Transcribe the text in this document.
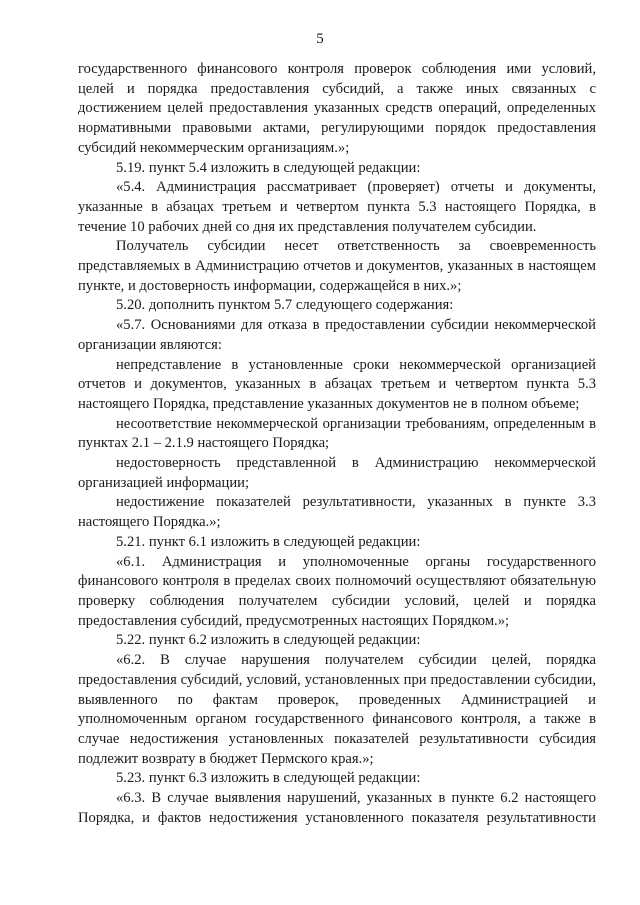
5

государственного финансового контроля проверок соблюдения ими условий, целей и порядка предоставления субсидий, а также иных связанных с достижением целей предоставления указанных средств операций, определенных нормативными правовыми актами, регулирующими порядок предоставления субсидий некоммерческим организациям.»;

5.19. пункт 5.4 изложить в следующей редакции:

«5.4. Администрация рассматривает (проверяет) отчеты и документы, указанные в абзацах третьем и четвертом пункта 5.3 настоящего Порядка, в течение 10 рабочих дней со дня их представления получателем субсидии.

Получатель субсидии несет ответственность за своевременность представляемых в Администрацию отчетов и документов, указанных в настоящем пункте, и достоверность информации, содержащейся в них.»;

5.20. дополнить пунктом 5.7 следующего содержания:

«5.7. Основаниями для отказа в предоставлении субсидии некоммерческой организации являются:

непредставление в установленные сроки некоммерческой организацией отчетов и документов, указанных в абзацах третьем и четвертом пункта 5.3 настоящего Порядка, представление указанных документов не в полном объеме;

несоответствие некоммерческой организации требованиям, определенным в пунктах 2.1 – 2.1.9 настоящего Порядка;

недостоверность представленной в Администрацию некоммерческой организацией информации;

недостижение показателей результативности, указанных в пункте 3.3 настоящего Порядка.»;

5.21. пункт 6.1 изложить в следующей редакции:

«6.1. Администрация и уполномоченные органы государственного финансового контроля в пределах своих полномочий осуществляют обязательную проверку соблюдения получателем субсидии условий, целей и порядка предоставления субсидий, предусмотренных настоящих Порядком.»;

5.22. пункт 6.2 изложить в следующей редакции:

«6.2. В случае нарушения получателем субсидии целей, порядка предоставления субсидий, условий, установленных при предоставлении субсидии, выявленного по фактам проверок, проведенных Администрацией и уполномоченным органом государственного финансового контроля, а также в случае недостижения установленных показателей результативности субсидия подлежит возврату в бюджет Пермского края.»;

5.23. пункт 6.3 изложить в следующей редакции:

«6.3. В случае выявления нарушений, указанных в пункте 6.2 настоящего Порядка, и фактов недостижения установленного показателя результативности
